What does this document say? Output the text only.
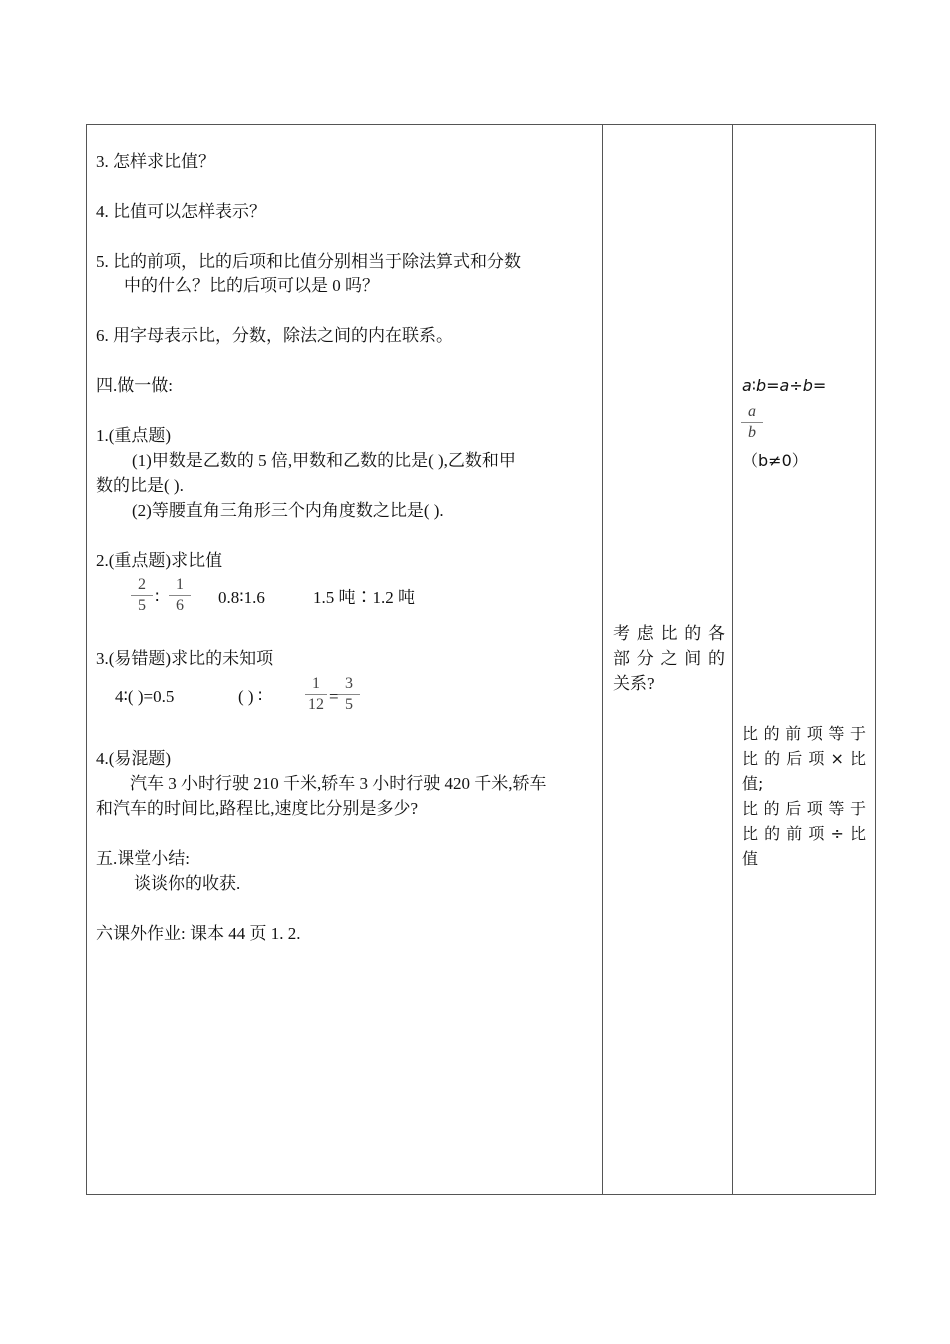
3. 怎样求比值？
4. 比值可以怎样表示？
5. 比的前项，比的后项和比值分别相当于除法算式和分数
中的什么？比的后项可以是 0 吗？
6. 用字母表示比，分数，除法之间的内在联系。
四.做一做:
1.(重点题)
(1)甲数是乙数的 5 倍,甲数和乙数的比是( ),乙数和甲
数的比是( ).
(2)等腰直角三角形三个内角度数之比是( ).
2.(重点题)求比值
$\frac{2}{5}$ ∶ $\frac{1}{6}$ 0.8∶1.6	1.5 吨∶1.2 吨
3.(易错题)求比的未知项
4∶( )=0.5	( ) ∶	$\frac{1}{12} = \frac{3}{5}$
4.(易混题)
汽车 3 小时行驶 210 千米,轿车 3 小时行驶 420 千米,轿车
和汽车的时间比,路程比,速度比分别是多少?
五.课堂小结:
谈谈你的收获.
六课外作业: 课本 44 页 1. 2.
考 虑 比 的 各
部 分 之 间 的
关系?
a∶b=a÷b=
$\frac{a}{b}$
（b≠0）
比的前项等于
比的后项×比
值;
比的后项等于
比的前项÷比
值
